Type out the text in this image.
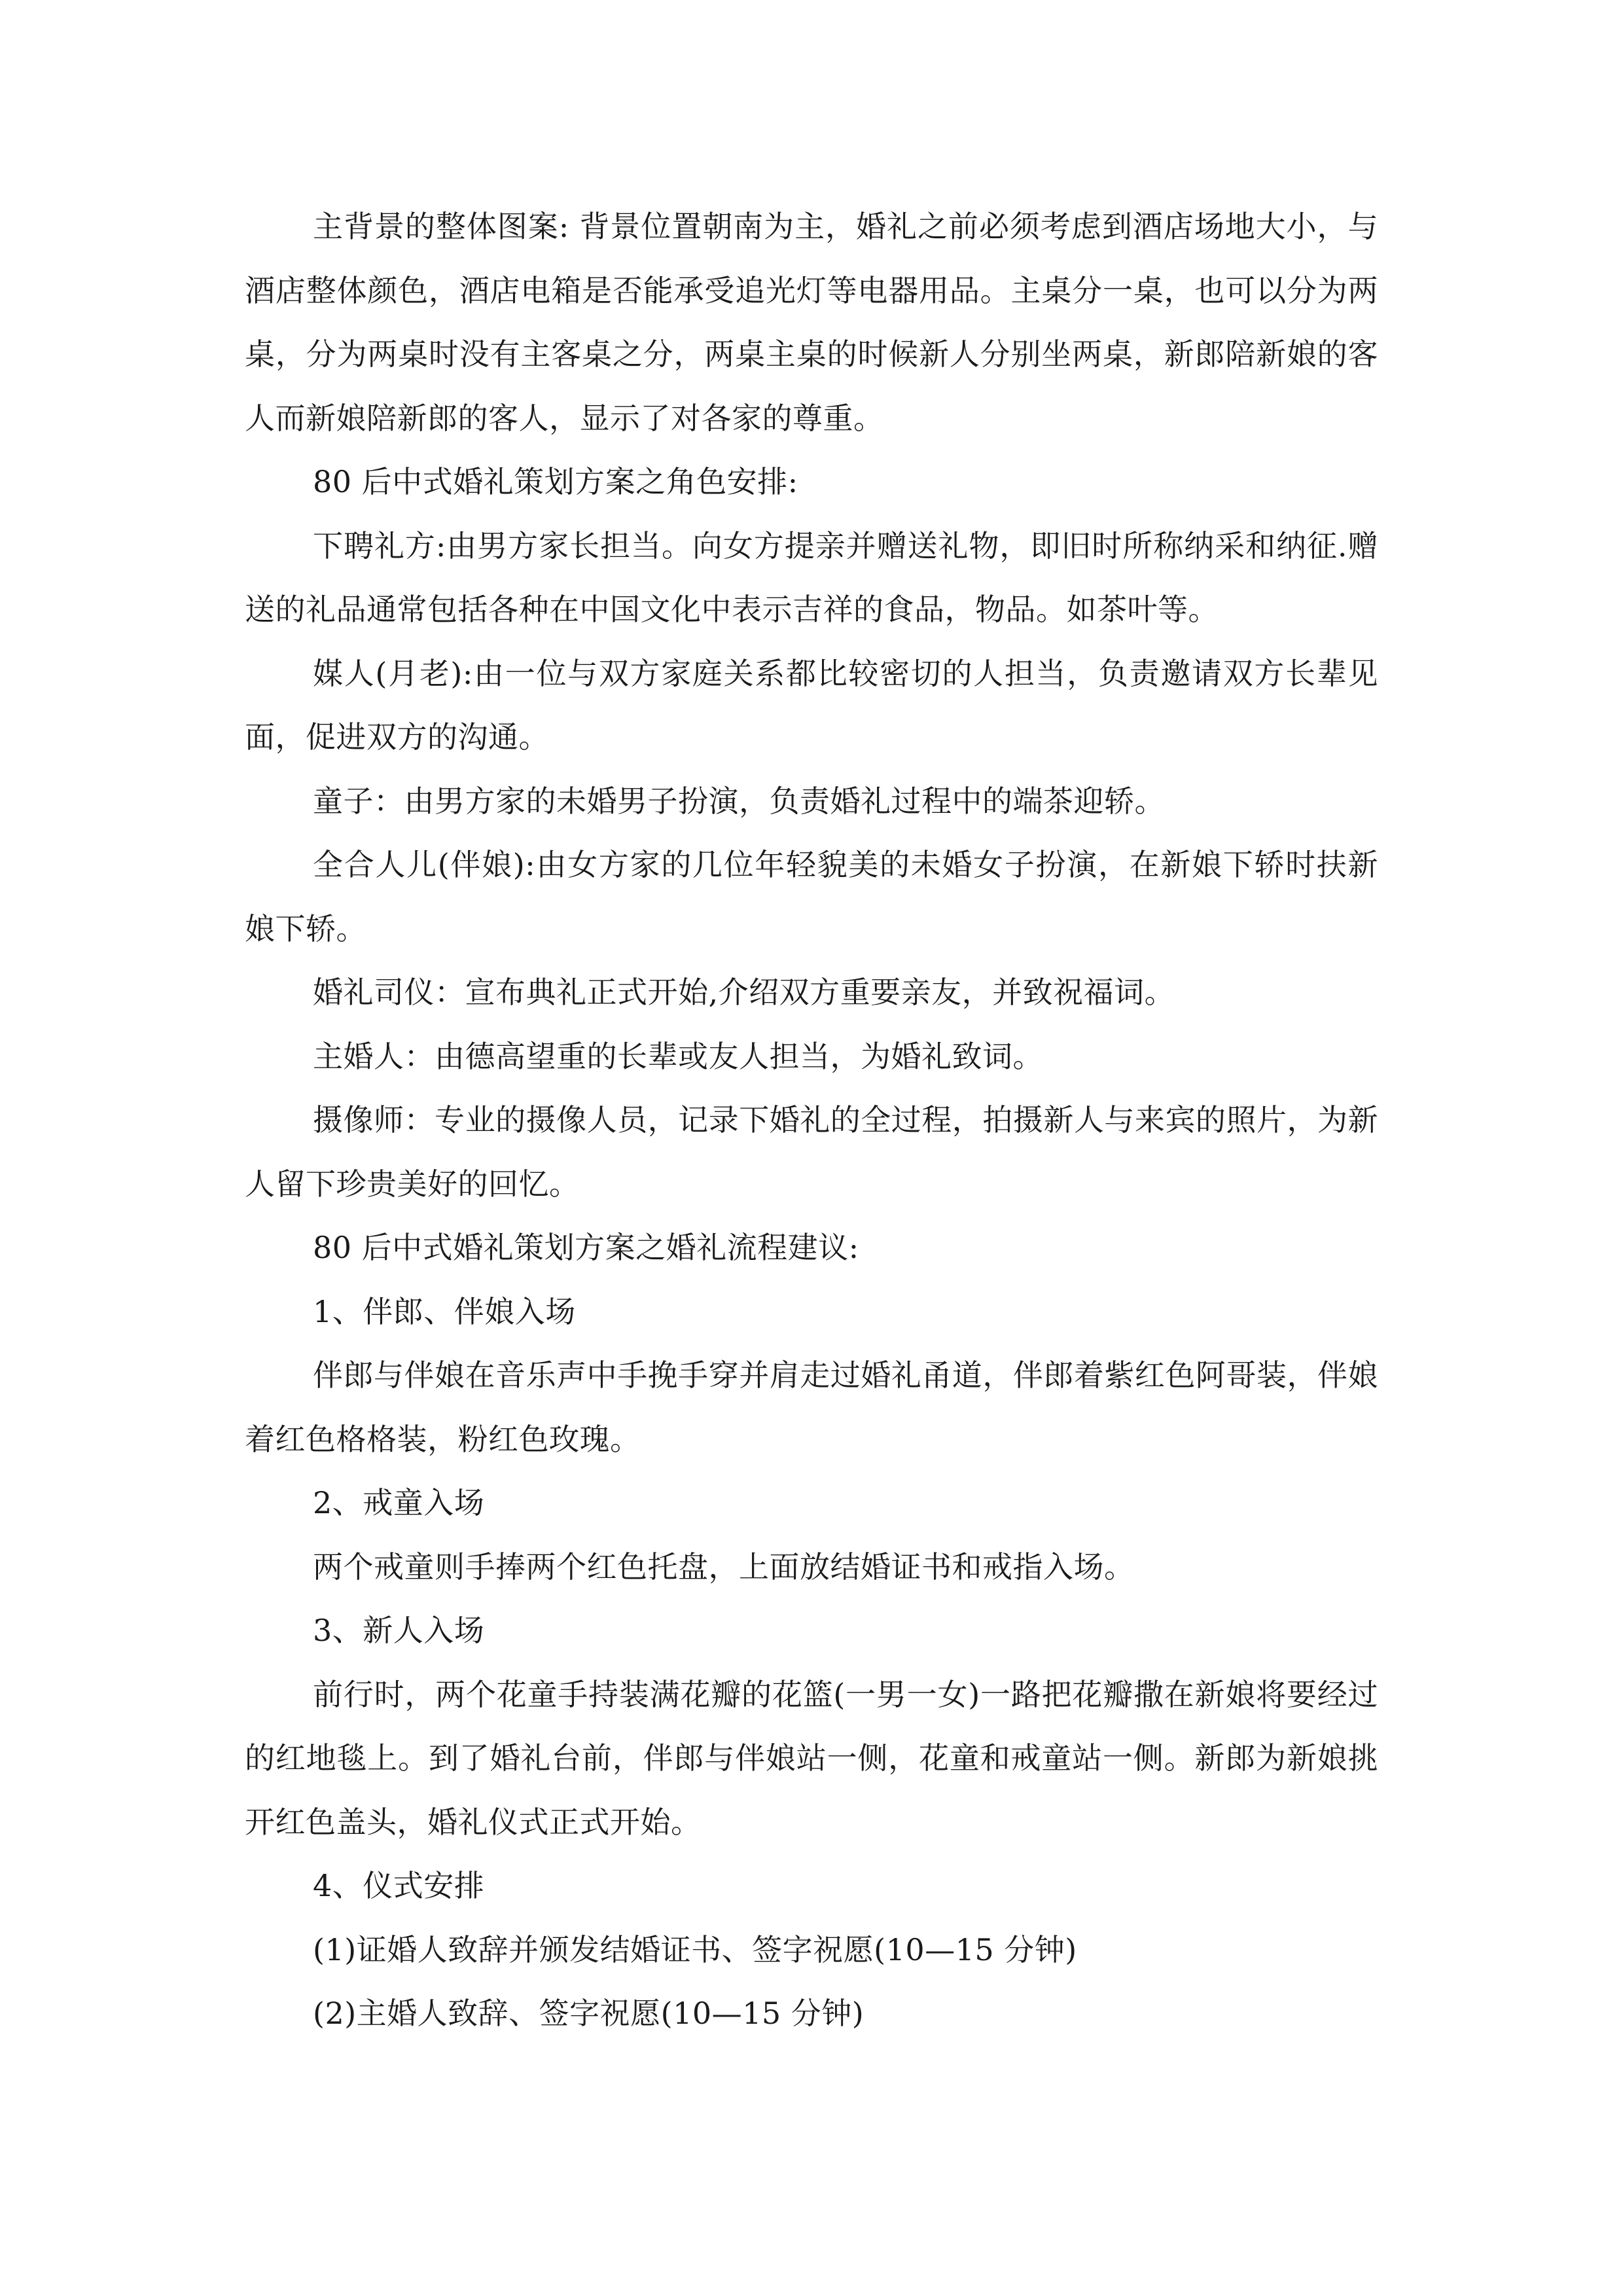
主背景的整体图案: 背景位置朝南为主，婚礼之前必须考虑到酒店场地大小，与酒店整体颜色，酒店电箱是否能承受追光灯等电器用品。主桌分一桌，也可以分为两桌，分为两桌时没有主客桌之分，两桌主桌的时候新人分别坐两桌，新郎陪新娘的客人而新娘陪新郎的客人，显示了对各家的尊重。

80 后中式婚礼策划方案之角色安排:

下聘礼方:由男方家长担当。向女方提亲并赠送礼物，即旧时所称纳采和纳征.赠送的礼品通常包括各种在中国文化中表示吉祥的食品，物品。如茶叶等。

媒人(月老):由一位与双方家庭关系都比较密切的人担当，负责邀请双方长辈见面，促进双方的沟通。

童子：由男方家的未婚男子扮演，负责婚礼过程中的端茶迎轿。

全合人儿(伴娘):由女方家的几位年轻貌美的未婚女子扮演，在新娘下轿时扶新娘下轿。

婚礼司仪：宣布典礼正式开始,介绍双方重要亲友，并致祝福词。

主婚人：由德高望重的长辈或友人担当，为婚礼致词。

摄像师：专业的摄像人员，记录下婚礼的全过程，拍摄新人与来宾的照片，为新人留下珍贵美好的回忆。

80 后中式婚礼策划方案之婚礼流程建议:

1、伴郎、伴娘入场

伴郎与伴娘在音乐声中手挽手穿并肩走过婚礼甬道，伴郎着紫红色阿哥装，伴娘着红色格格装，粉红色玫瑰。

2、戒童入场

两个戒童则手捧两个红色托盘，上面放结婚证书和戒指入场。

3、新人入场

前行时，两个花童手持装满花瓣的花篮(一男一女)一路把花瓣撒在新娘将要经过的红地毯上。到了婚礼台前，伴郎与伴娘站一侧，花童和戒童站一侧。新郎为新娘挑开红色盖头，婚礼仪式正式开始。

4、仪式安排

(1)证婚人致辞并颁发结婚证书、签字祝愿(10—15 分钟)

(2)主婚人致辞、签字祝愿(10—15 分钟)
